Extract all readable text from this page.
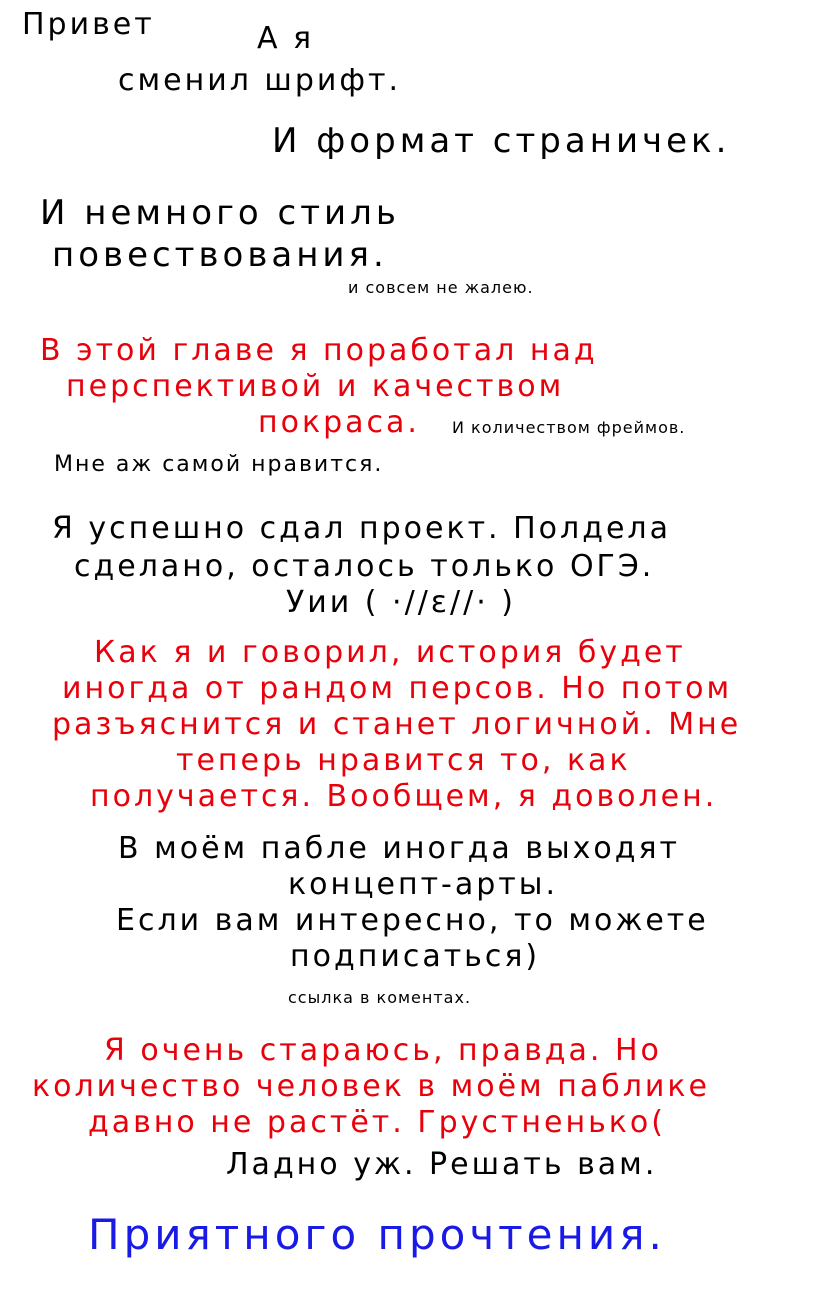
Привет	А я
сменил шрифт.
И формат страничек.
И немного стиль
повествования.
и совсем не жалею.
В этой главе я поработал над
перспективой и качеством
покраса. И количеством фреймов.
Мне аж самой нравится.
Я успешно сдал проект. Полдела
сделано, осталось только ОГЭ.
Уии ( ·//ε//· )
Как я и говорил, история будет
иногда от рандом персов. Но потом
разъяснится и станет логичной. Мне
теперь нравится то, как
получается. Вообщем, я доволен.
В моём пабле иногда выходят
концепт-арты.
Если вам интересно, то можете
подписаться)
ссылка в коментах.
Я очень стараюсь, правда. Но
количество человек в моём паблике
давно не растёт. Грустненько(
Ладно уж. Решать вам.
Приятного прочтения.
